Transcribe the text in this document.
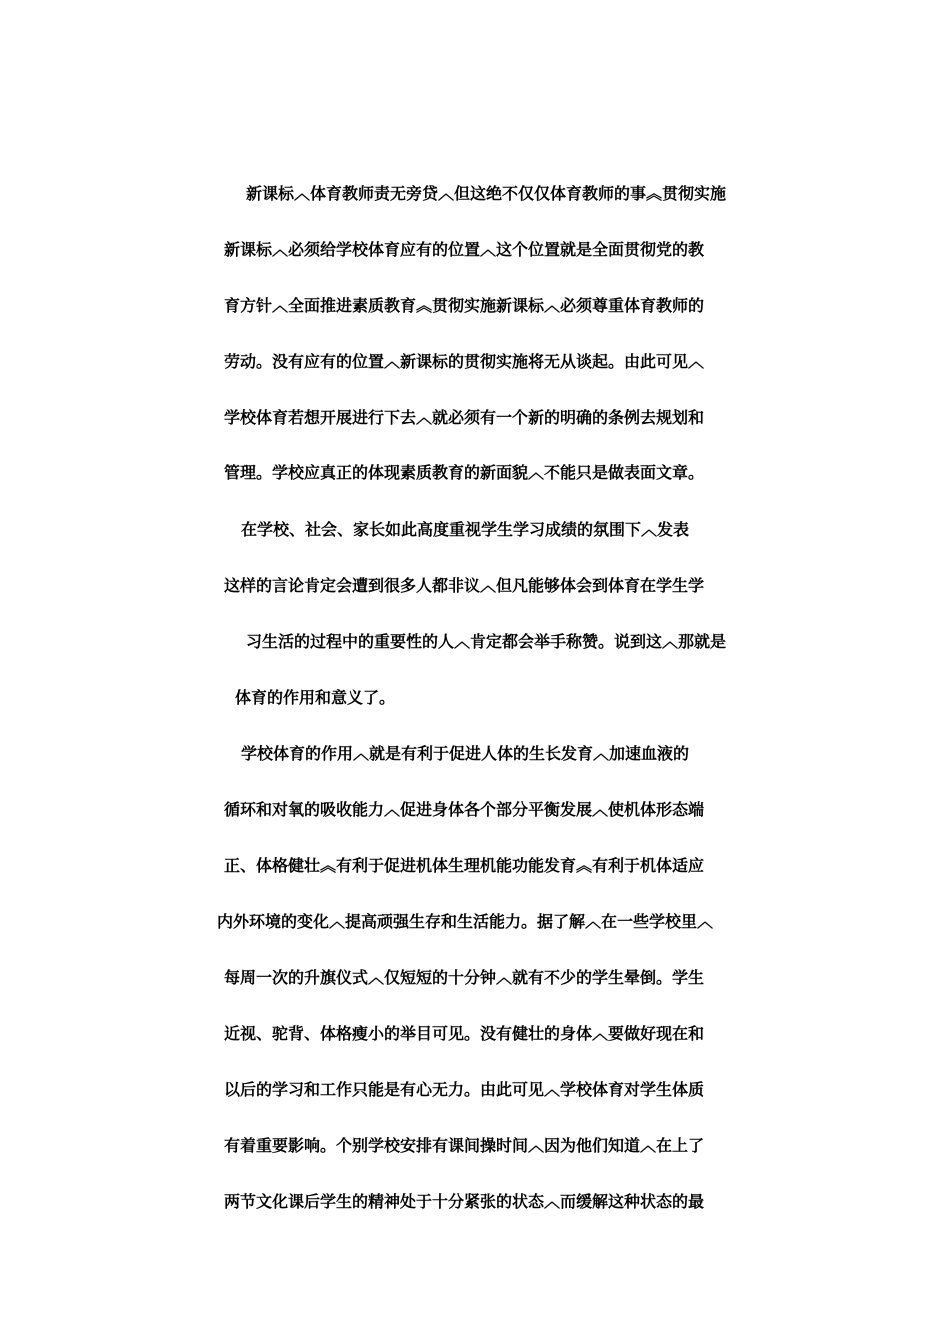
新课标︿体育教师责无旁贷︿但这绝不仅仅体育教师的事︽贯彻实施
新课标︿必须给学校体育应有的位置︿这个位置就是全面贯彻党的教
育方针︿全面推进素质教育︽贯彻实施新课标︿必须尊重体育教师的
劳动。没有应有的位置︿新课标的贯彻实施将无从谈起。由此可见︿
学校体育若想开展进行下去︿就必须有一个新的明确的条例去规划和
管理。学校应真正的体现素质教育的新面貌︿不能只是做表面文章。
在学校、社会、家长如此高度重视学生学习成绩的氛围下︿发表
这样的言论肯定会遭到很多人都非议︿但凡能够体会到体育在学生学
习生活的过程中的重要性的人︿肯定都会举手称赞。说到这︿那就是
体育的作用和意义了。
学校体育的作用︿就是有利于促进人体的生长发育︿加速血液的
循环和对氧的吸收能力︿促进身体各个部分平衡发展︿使机体形态端
正、体格健壮︽有利于促进机体生理机能功能发育︽有利于机体适应
内外环境的变化︿提高顽强生存和生活能力。据了解︿在一些学校里︿
每周一次的升旗仪式︿仅短短的十分钟︿就有不少的学生晕倒。学生
近视、驼背、体格瘦小的举目可见。没有健壮的身体︿要做好现在和
以后的学习和工作只能是有心无力。由此可见︿学校体育对学生体质
有着重要影响。个别学校安排有课间操时间︿因为他们知道︿在上了
两节文化课后学生的精神处于十分紧张的状态︿而缓解这种状态的最
